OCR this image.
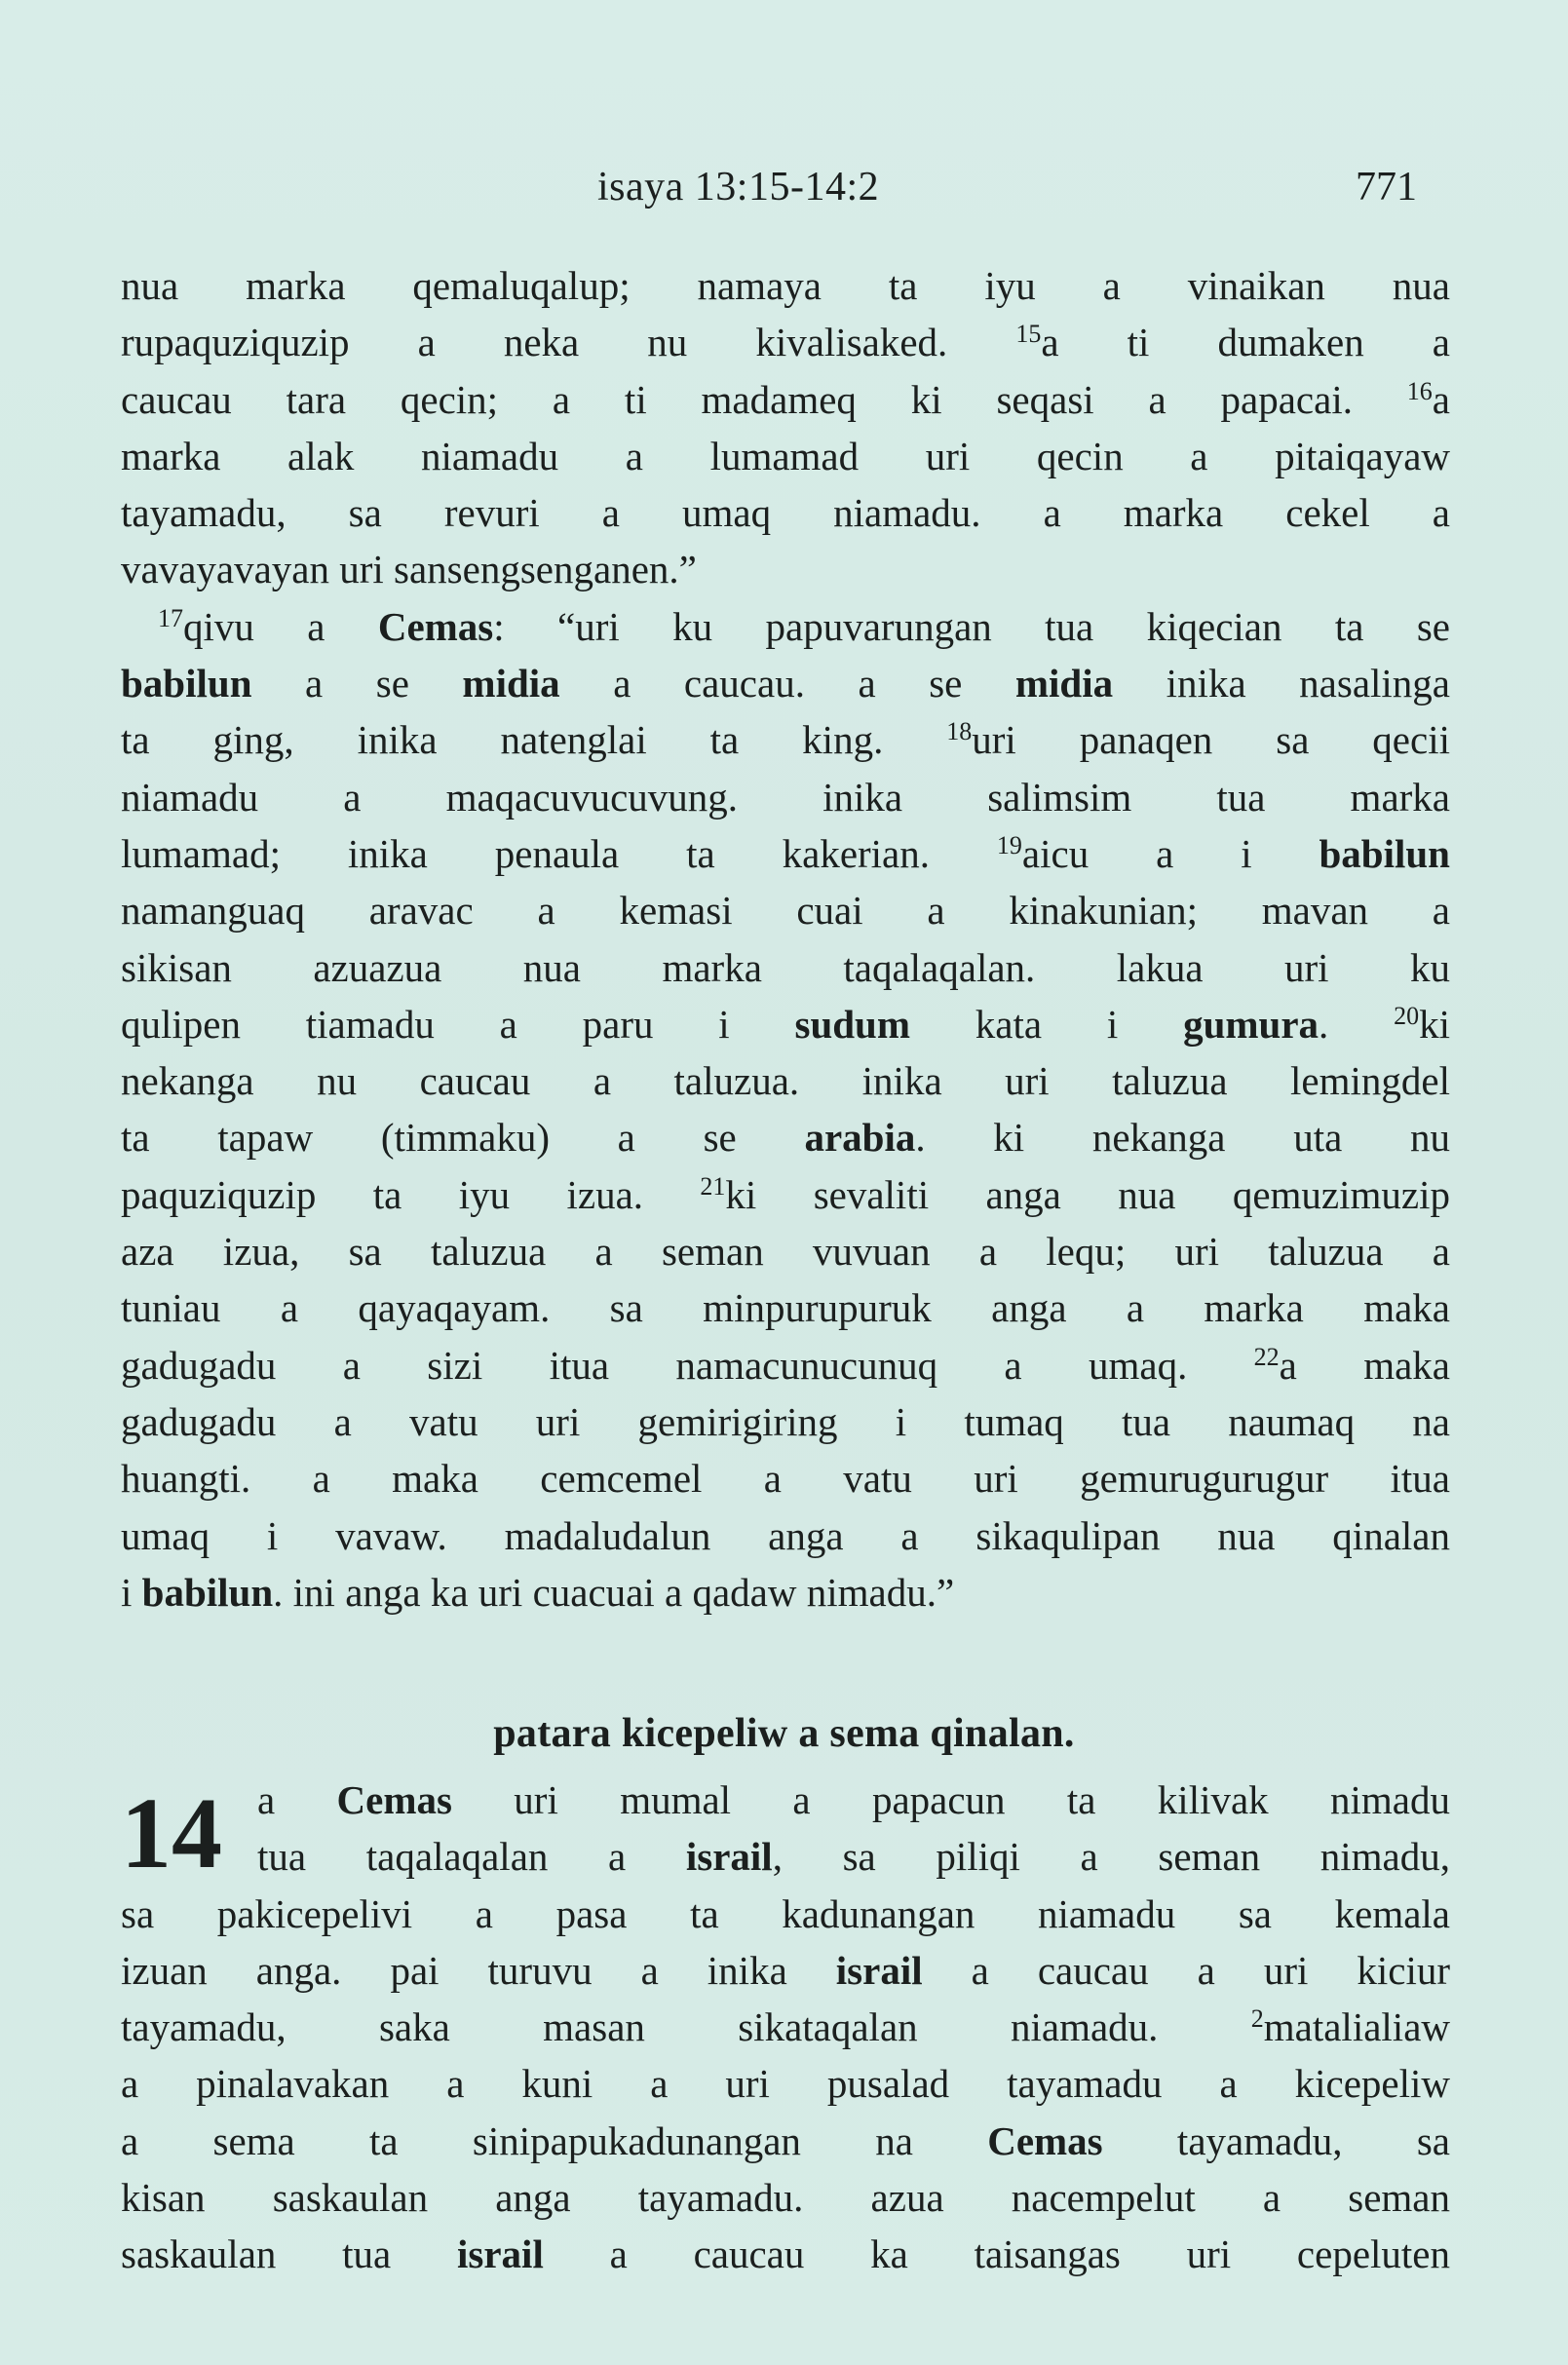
isaya 13:15-14:2	771
nua marka qemaluqalup; namaya ta iyu a vinaikan nua
rupaquziquzip a neka nu kivalisaked. $^{15}$a ti dumaken a
caucau tara qecin; a ti madameq ki seqasi a papacai. $^{16}$a
marka alak niamadu a lumamad uri qecin a pitaiqayaw
tayamadu, sa revuri a umaq niamadu. a marka cekel a
vavayavayan uri sansengsenganen.”
$^{17}$qivu a Cemas: “uri ku papuvarungan tua kiqecian ta se
babilun a se midia a caucau. a se midia inika nasalinga
ta ging, inika natenglai ta king. $^{18}$uri panaqen sa qecii
niamadu a maqacuvucuvung. inika salimsim tua marka
lumamad; inika penaula ta kakerian. $^{19}$aicu a i babilun
namanguaq aravac a kemasi cuai a kinakunian; mavan a
sikisan azuazua nua marka taqalaqalan. lakua uri ku
qulipen tiamadu a paru i sudum kata i gumura. $^{20}$ki
nekanga nu caucau a taluzua. inika uri taluzua lemingdel
ta tapaw (timmaku) a se arabia. ki nekanga uta nu
paquziquzip ta iyu izua. $^{21}$ki sevaliti anga nua qemuzimuzip
aza izua, sa taluzua a seman vuvuan a lequ; uri taluzua a
tuniau a qayaqayam. sa minpurupuruk anga a marka maka
gadugadu a sizi itua namacunucunuq a umaq. $^{22}$a maka
gadugadu a vatu uri gemirigiring i tumaq tua naumaq na
huangti. a maka cemcemel a vatu uri gemurugurugur itua
umaq i vavaw. madaludalun anga a sikaqulipan nua qinalan
i babilun. ini anga ka uri cuacuai a qadaw nimadu.”
patara kicepeliw a sema qinalan.
14 a Cemas uri mumal a papacun ta kilivak nimadu
tua taqalaqalan a israil, sa piliqi a seman nimadu,
sa pakicepelivi a pasa ta kadunangan niamadu sa kemala
izuan anga. pai turuvu a inika israil a caucau a uri kiciur
tayamadu, saka masan sikataqalan niamadu. $^2$matalialiaw
a pinalavakan a kuni a uri pusalad tayamadu a kicepeliw
a sema ta sinipapukadunangan na Cemas tayamadu, sa
kisan saskaulan anga tayamadu. azua nacempelut a seman
saskaulan tua israil a caucau ka taisangas uri cepeluten
